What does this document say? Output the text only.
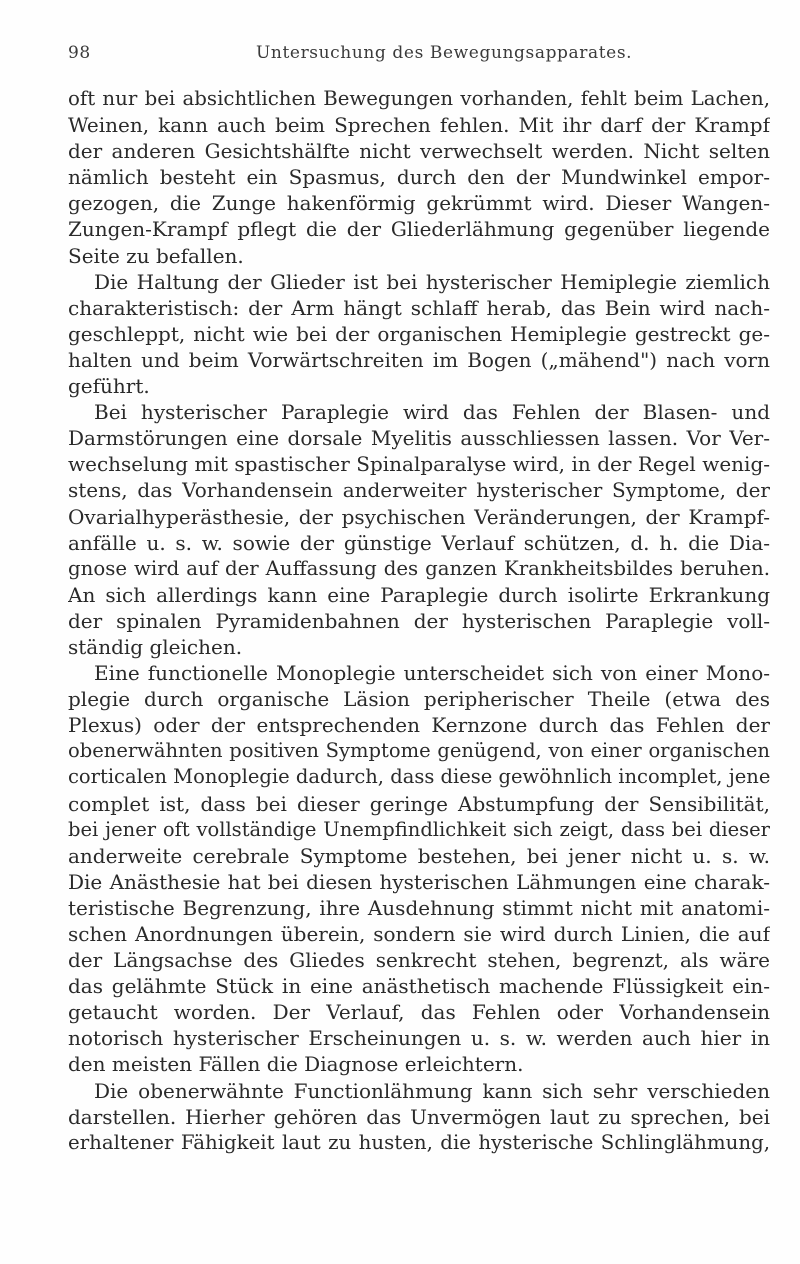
98	Untersuchung des Bewegungsapparates.
oft nur bei absichtlichen Bewegungen vorhanden, fehlt beim Lachen,
Weinen, kann auch beim Sprechen fehlen. Mit ihr darf der Krampf
der anderen Gesichtshälfte nicht verwechselt werden. Nicht selten
nämlich besteht ein Spasmus, durch den der Mundwinkel empor-
gezogen, die Zunge hakenförmig gekrümmt wird. Dieser Wangen-
Zungen-Krampf pflegt die der Gliederlähmung gegenüber liegende
Seite zu befallen.
Die Haltung der Glieder ist bei hysterischer Hemiplegie ziemlich
charakteristisch: der Arm hängt schlaff herab, das Bein wird nach-
geschleppt, nicht wie bei der organischen Hemiplegie gestreckt ge-
halten und beim Vorwärtschreiten im Bogen („mähend") nach vorn
geführt.
Bei hysterischer Paraplegie wird das Fehlen der Blasen- und
Darmstörungen eine dorsale Myelitis ausschliessen lassen. Vor Ver-
wechselung mit spastischer Spinalparalyse wird, in der Regel wenig-
stens, das Vorhandensein anderweiter hysterischer Symptome, der
Ovarialhyperästhesie, der psychischen Veränderungen, der Krampf-
anfälle u. s. w. sowie der günstige Verlauf schützen, d. h. die Dia-
gnose wird auf der Auffassung des ganzen Krankheitsbildes beruhen.
An sich allerdings kann eine Paraplegie durch isolirte Erkrankung
der spinalen Pyramidenbahnen der hysterischen Paraplegie voll-
ständig gleichen.
Eine functionelle Monoplegie unterscheidet sich von einer Mono-
plegie durch organische Läsion peripherischer Theile (etwa des
Plexus) oder der entsprechenden Kernzone durch das Fehlen der
obenerwähnten positiven Symptome genügend, von einer organischen
corticalen Monoplegie dadurch, dass diese gewöhnlich incomplet, jene
complet ist, dass bei dieser geringe Abstumpfung der Sensibilität,
bei jener oft vollständige Unempfindlichkeit sich zeigt, dass bei dieser
anderweite cerebrale Symptome bestehen, bei jener nicht u. s. w.
Die Anästhesie hat bei diesen hysterischen Lähmungen eine charak-
teristische Begrenzung, ihre Ausdehnung stimmt nicht mit anatomi-
schen Anordnungen überein, sondern sie wird durch Linien, die auf
der Längsachse des Gliedes senkrecht stehen, begrenzt, als wäre
das gelähmte Stück in eine anästhetisch machende Flüssigkeit ein-
getaucht worden. Der Verlauf, das Fehlen oder Vorhandensein
notorisch hysterischer Erscheinungen u. s. w. werden auch hier in
den meisten Fällen die Diagnose erleichtern.
Die obenerwähnte Functionlähmung kann sich sehr verschieden
darstellen. Hierher gehören das Unvermögen laut zu sprechen, bei
erhaltener Fähigkeit laut zu husten, die hysterische Schlinglähmung,
